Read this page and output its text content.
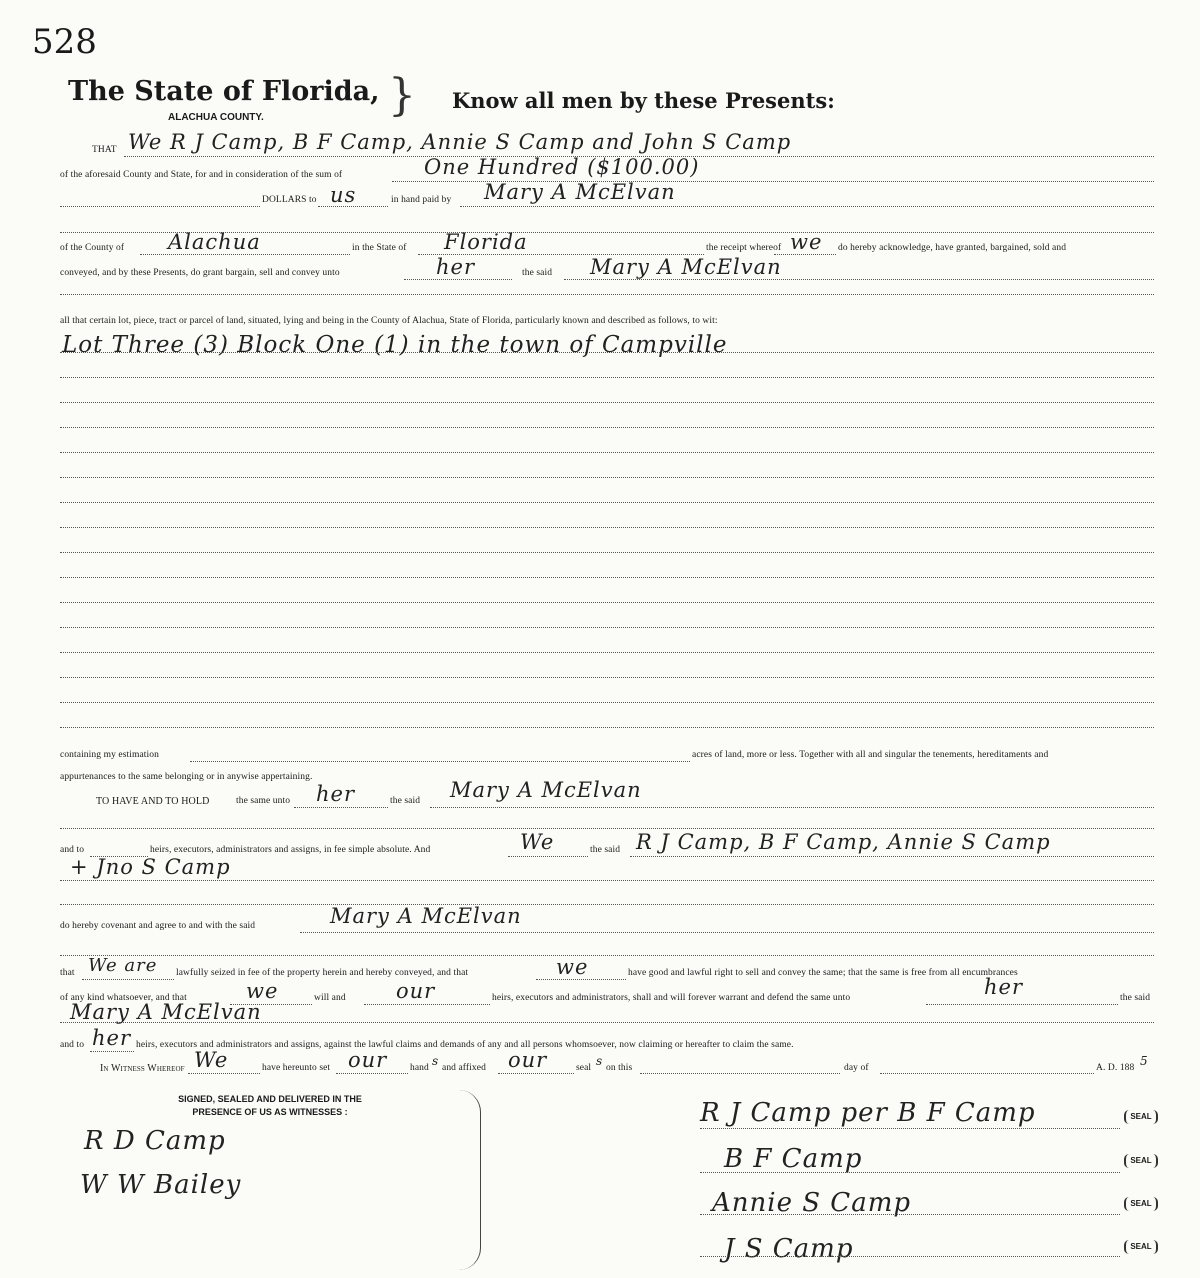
528
The State of Florida, }
ALACHUA COUNTY.
Know all men by these Presents:
THAT We R J Camp, B F Camp, Annie S Camp and John S Camp
of the aforesaid County and State, for and in consideration of the sum of	One Hundred ($100.00)
DOLLARS to us	in hand paid by Mary A McElvan
of the County of Alachua	in the State of Florida	the receipt whereof we do hereby acknowledge, have granted, bargained, sold and
conveyed, and by these Presents, do grant bargain, sell and convey unto	her	the said Mary A McElvan
all that certain lot, piece, tract or parcel of land, situated, lying and being in the County of Alachua, State of Florida, particularly known and described as follows, to wit:
Lot Three (3) Block One (1) in the town of Campville
containing my estimation	acres of land, more or less. Together with all and singular the tenements, hereditaments and
appurtenances to the same belonging or in anywise appertaining.
TO HAVE AND TO HOLD	the same unto her	the said Mary A McElvan
and to	heirs, executors, administrators and assigns, in fee simple absolute. And	We	the said R J Camp, B F Camp, Annie S Camp
+ Jno S Camp
do hereby covenant and agree to and with the said	Mary A McElvan
that We are lawfully seized in fee of the property herein and hereby conveyed, and that	we	have good and lawful right to sell and convey the same; that the same is free from all encumbrances
of any kind whatsoever, and that	we	will and our	heirs, executors and administrators, shall and will forever warrant and defend the same unto	her	the said
Mary A McElvan
and to her heirs, executors and administrators and assigns, against the lawful claims and demands of any and all persons whomsoever, now claiming or hereafter to claim the same.
In Witness Whereof We	have hereunto set our hand s and affixed our	seal s on this	day of	A. D. 188 5
SIGNED, SEALED AND DELIVERED IN THE
PRESENCE OF US AS WITNESSES :
R D Camp
W W Bailey
R J Camp per B F Camp
B F Camp
Annie S Camp
J S Camp
SEAL
SEAL
SEAL
SEAL
